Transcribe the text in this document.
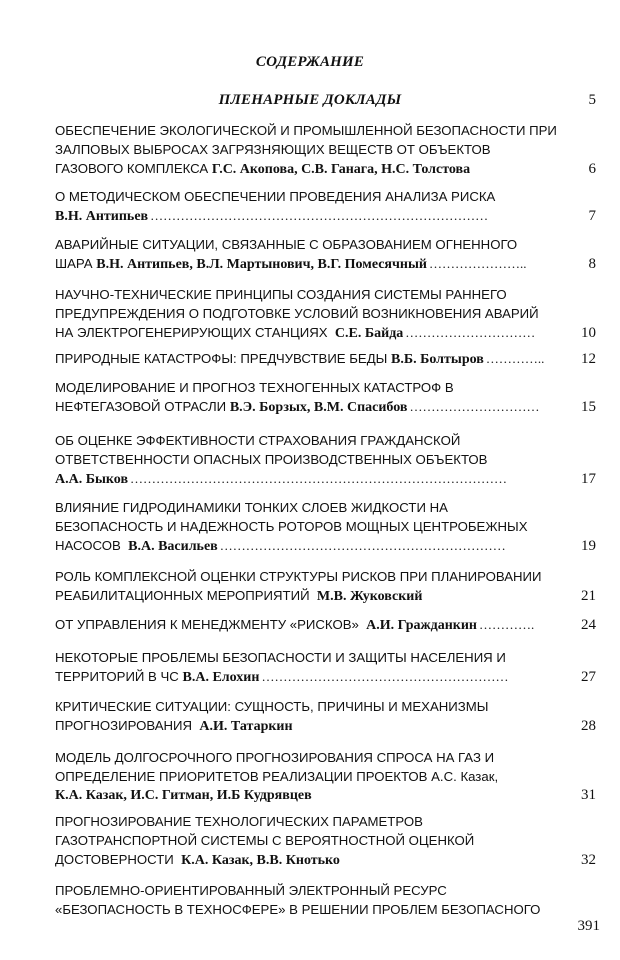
СОДЕРЖАНИЕ
ПЛЕНАРНЫЕ ДОКЛАДЫ	5
ОБЕСПЕЧЕНИЕ ЭКОЛОГИЧЕСКОЙ И ПРОМЫШЛЕННОЙ БЕЗОПАСНОСТИ ПРИ
ЗАЛПОВЫХ ВЫБРОСАХ ЗАГРЯЗНЯЮЩИХ ВЕЩЕСТВ ОТ ОБЪЕКТОВ
ГАЗОВОГО КОМПЛЕКСА Г.С. Акопова, С.В. Ганага, Н.С. Толстова	6
О МЕТОДИЧЕСКОМ ОБЕСПЕЧЕНИИ ПРОВЕДЕНИЯ АНАЛИЗА РИСКА
В.Н. Антипьев ……………………………………………………………………	7
АВАРИЙНЫЕ СИТУАЦИИ, СВЯЗАННЫЕ С ОБРАЗОВАНИЕМ ОГНЕННОГО
ШАРА В.Н. Антипьев, В.Л. Мартынович, В.Г. Помесячный …………………..	8
НАУЧНО-ТЕХНИЧЕСКИЕ ПРИНЦИПЫ СОЗДАНИЯ СИСТЕМЫ РАННЕГО
ПРЕДУПРЕЖДЕНИЯ О ПОДГОТОВКЕ УСЛОВИЙ ВОЗНИКНОВЕНИЯ АВАРИЙ
НА ЭЛЕКТРОГЕНЕРИРУЮЩИХ СТАНЦИЯХ С.Е. Байда …………………………	10
ПРИРОДНЫЕ КАТАСТРОФЫ: ПРЕДЧУВСТВИЕ БЕДЫ В.Б. Болтыров …………..	12
МОДЕЛИРОВАНИЕ И ПРОГНОЗ ТЕХНОГЕННЫХ КАТАСТРОФ В
НЕФТЕГАЗОВОЙ ОТРАСЛИ В.Э. Борзых, В.М. Спасибов …………………………	15
ОБ ОЦЕНКЕ ЭФФЕКТИВНОСТИ СТРАХОВАНИЯ ГРАЖДАНСКОЙ
ОТВЕТСТВЕННОСТИ ОПАСНЫХ ПРОИЗВОДСТВЕННЫХ ОБЪЕКТОВ
А.А. Быков ……………………………………………………………………………	17
ВЛИЯНИЕ ГИДРОДИНАМИКИ ТОНКИХ СЛОЕВ ЖИДКОСТИ НА
БЕЗОПАСНОСТЬ И НАДЕЖНОСТЬ РОТОРОВ МОЩНЫХ ЦЕНТРОБЕЖНЫХ
НАСОСОВ В.А. Васильев …………………………………………………………	19
РОЛЬ КОМПЛЕКСНОЙ ОЦЕНКИ СТРУКТУРЫ РИСКОВ ПРИ ПЛАНИРОВАНИИ
РЕАБИЛИТАЦИОННЫХ МЕРОПРИЯТИЙ М.В. Жуковский	21
ОТ УПРАВЛЕНИЯ К МЕНЕДЖМЕНТУ «РИСКОВ» А.И. Гражданкин ………….	24
НЕКОТОРЫЕ ПРОБЛЕМЫ БЕЗОПАСНОСТИ И ЗАЩИТЫ НАСЕЛЕНИЯ И
ТЕРРИТОРИЙ В ЧС В.А. Елохин …………………………………………………	27
КРИТИЧЕСКИЕ СИТУАЦИИ: СУЩНОСТЬ, ПРИЧИНЫ И МЕХАНИЗМЫ
ПРОГНОЗИРОВАНИЯ А.И. Татаркин	28
МОДЕЛЬ ДОЛГОСРОЧНОГО ПРОГНОЗИРОВАНИЯ СПРОСА НА ГАЗ И
ОПРЕДЕЛЕНИЕ ПРИОРИТЕТОВ РЕАЛИЗАЦИИ ПРОЕКТОВ А.С. Казак,
К.А. Казак, И.С. Гитман, И.Б Кудрявцев	31
ПРОГНОЗИРОВАНИЕ ТЕХНОЛОГИЧЕСКИХ ПАРАМЕТРОВ
ГАЗОТРАНСПОРТНОЙ СИСТЕМЫ С ВЕРОЯТНОСТНОЙ ОЦЕНКОЙ
ДОСТОВЕРНОСТИ К.А. Казак, В.В. Кнотько	32
ПРОБЛЕМНО-ОРИЕНТИРОВАННЫЙ ЭЛЕКТРОННЫЙ РЕСУРС
«БЕЗОПАСНОСТЬ В ТЕХНОСФЕРЕ» В РЕШЕНИИ ПРОБЛЕМ БЕЗОПАСНОГО
391
